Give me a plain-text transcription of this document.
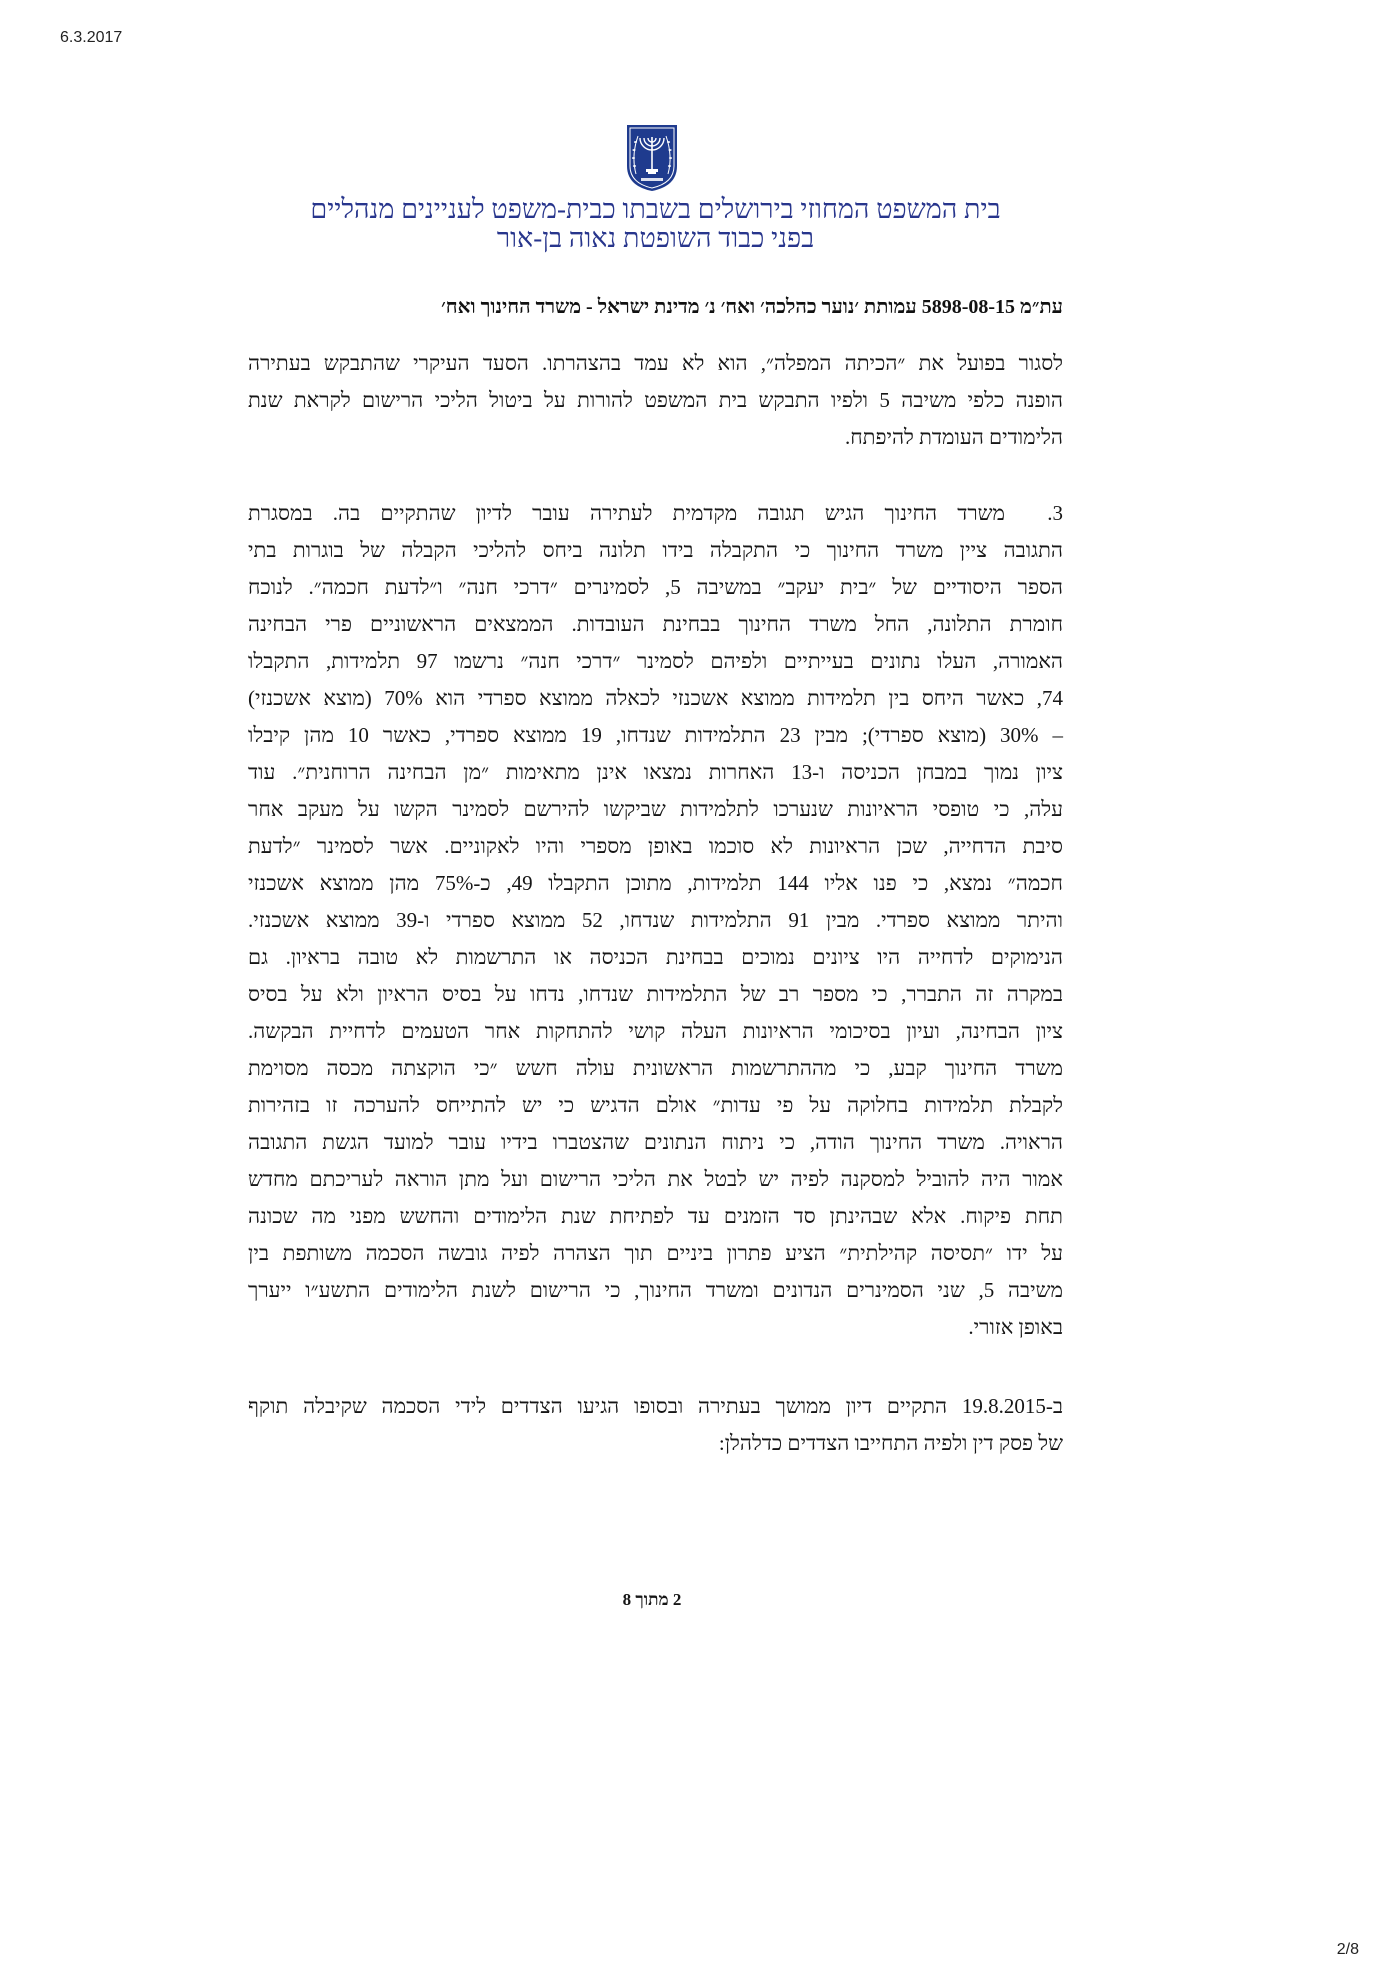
6.3.2017
בית המשפט המחוזי בירושלים בשבתו כבית-משפט לעניינים מנהליים
בפני כבוד השופטת נאוה בן-אור
עת״מ 5898-08-15 עמותת ׳נוער כהלכה׳ ואח׳ נ׳ מדינת ישראל - משרד החינוך ואח׳
לסגור בפועל את ״הכיתה המפלה״, הוא לא עמד בהצהרתו. הסעד העיקרי שהתבקש בעתירה
הופנה כלפי משיבה 5 ולפיו התבקש בית המשפט להורות על ביטול הליכי הרישום לקראת שנת
הלימודים העומדת להיפתח.
3.
משרד החינוך הגיש תגובה מקדמית לעתירה עובר לדיון שהתקיים בה. במסגרת
התגובה ציין משרד החינוך כי התקבלה בידו תלונה ביחס להליכי הקבלה של בוגרות בתי
הספר היסודיים של ״בית יעקב״ במשיבה 5, לסמינרים ״דרכי חנה״ ו״לדעת חכמה״. לנוכח
חומרת התלונה, החל משרד החינוך בבחינת העובדות. הממצאים הראשוניים פרי הבחינה
האמורה, העלו נתונים בעייתיים ולפיהם לסמינר ״דרכי חנה״ נרשמו 97 תלמידות, התקבלו
74, כאשר היחס בין תלמידות ממוצא אשכנזי לכאלה ממוצא ספרדי הוא 70% (מוצא אשכנזי)
– 30% (מוצא ספרדי); מבין 23 התלמידות שנדחו, 19 ממוצא ספרדי, כאשר 10 מהן קיבלו
ציון נמוך במבחן הכניסה ו-13 האחרות נמצאו אינן מתאימות ״מן הבחינה הרוחנית״. עוד
עלה, כי טופסי הראיונות שנערכו לתלמידות שביקשו להירשם לסמינר הקשו על מעקב אחר
סיבת הדחייה, שכן הראיונות לא סוכמו באופן מספרי והיו לאקוניים. אשר לסמינר ״לדעת
חכמה״ נמצא, כי פנו אליו 144 תלמידות, מתוכן התקבלו 49, כ-75% מהן ממוצא אשכנזי
והיתר ממוצא ספרדי. מבין 91 התלמידות שנדחו, 52 ממוצא ספרדי ו-39 ממוצא אשכנזי.
הנימוקים לדחייה היו ציונים נמוכים בבחינת הכניסה או התרשמות לא טובה בראיון. גם
במקרה זה התברר, כי מספר רב של התלמידות שנדחו, נדחו על בסיס הראיון ולא על בסיס
ציון הבחינה, ועיון בסיכומי הראיונות העלה קושי להתחקות אחר הטעמים לדחיית הבקשה.
משרד החינוך קבע, כי מההתרשמות הראשונית עולה חשש ״כי הוקצתה מכסה מסוימת
לקבלת תלמידות בחלוקה על פי עדות״ אולם הדגיש כי יש להתייחס להערכה זו בזהירות
הראויה. משרד החינוך הודה, כי ניתוח הנתונים שהצטברו בידיו עובר למועד הגשת התגובה
אמור היה להוביל למסקנה לפיה יש לבטל את הליכי הרישום ועל מתן הוראה לעריכתם מחדש
תחת פיקוח. אלא שבהינתן סד הזמנים עד לפתיחת שנת הלימודים והחשש מפני מה שכונה
על ידו ״תסיסה קהילתית״ הציע פתרון ביניים תוך הצהרה לפיה גובשה הסכמה משותפת בין
משיבה 5, שני הסמינרים הנדונים ומשרד החינוך, כי הרישום לשנת הלימודים התשע״ו ייערך
באופן אזורי.
ב-19.8.2015 התקיים דיון ממושך בעתירה ובסופו הגיעו הצדדים לידי הסכמה שקיבלה תוקף
של פסק דין ולפיה התחייבו הצדדים כדלהלן:
2 מתוך 8
2/8
